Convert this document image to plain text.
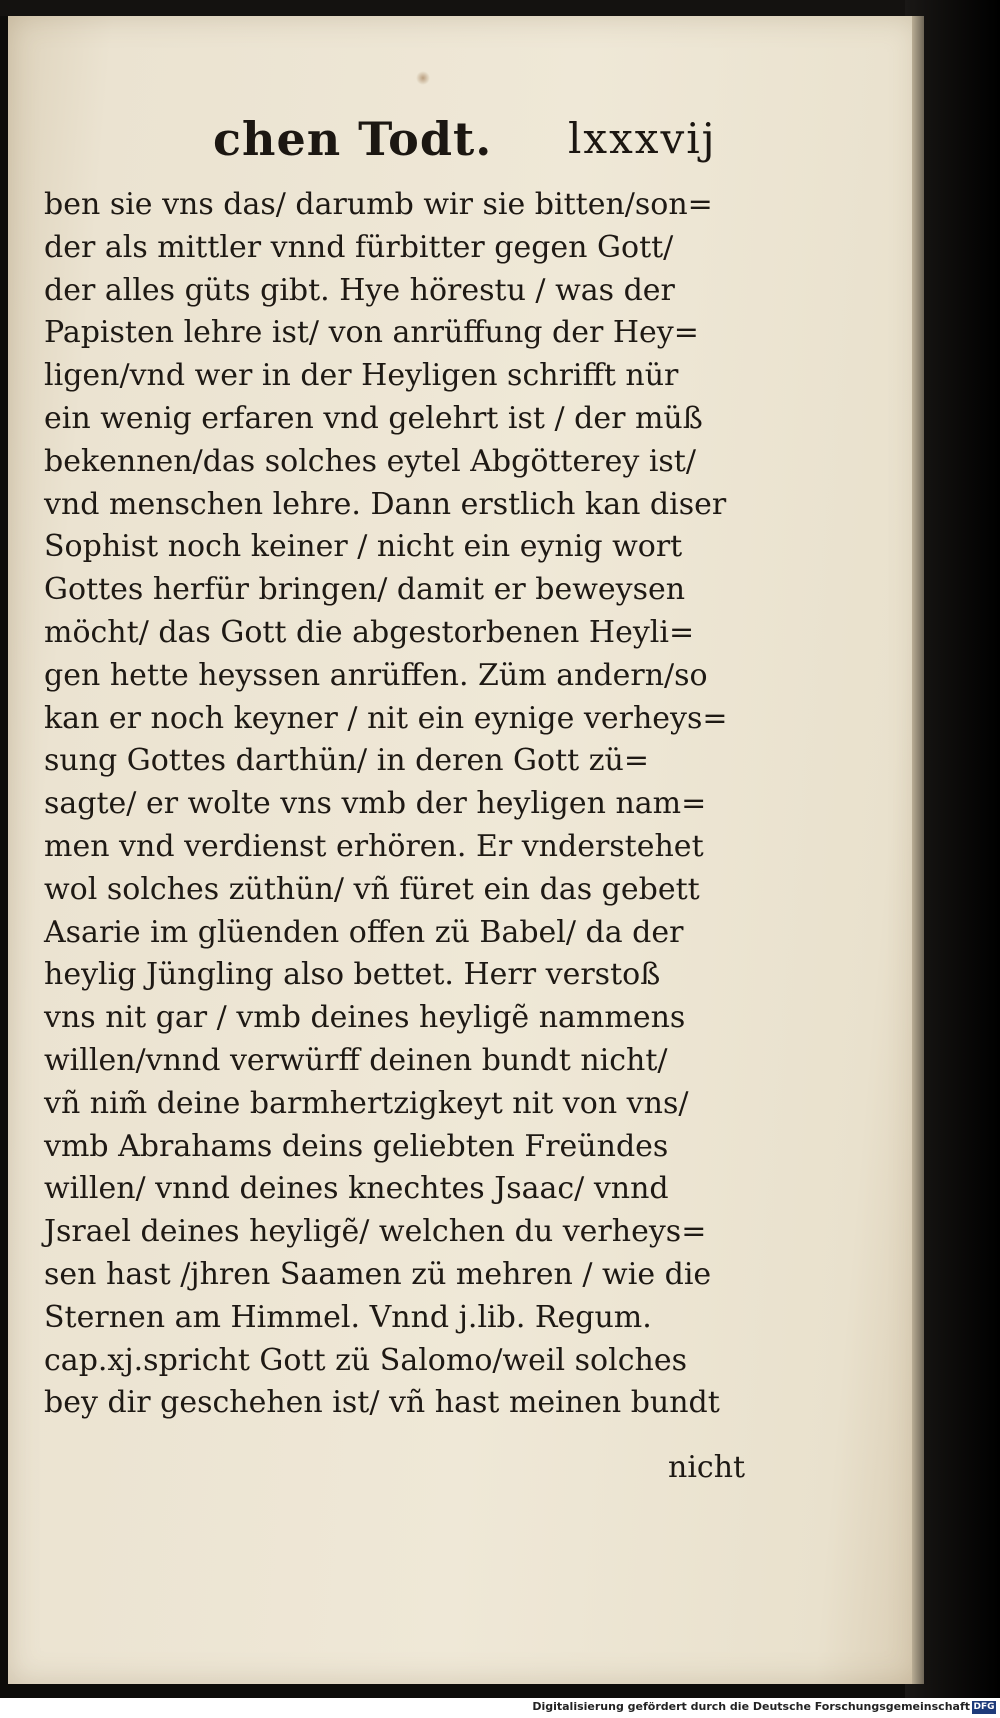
chen Todt. lxxxvij
ben sie vns das/ darumb wir sie bitten/son=
der als mittler vnnd fürbitter gegen Gott/
der alles güts gibt. Hye hörestu / was der
Papisten lehre ist/ von anrüffung der Hey=
ligen/vnd wer in der Heyligen schrifft nür
ein wenig erfaren vnd gelehrt ist / der müß
bekennen/das solches eytel Abgötterey ist/
vnd menschen lehre. Dann erstlich kan diser
Sophist noch keiner / nicht ein eynig wort
Gottes herfür bringen/ damit er beweysen
möcht/ das Gott die abgestorbenen Heyli=
gen hette heyssen anrüffen. Züm andern/so
kan er noch keyner / nit ein eynige verheys=
sung Gottes darthün/ in deren Gott zü=
sagte/ er wolte vns vmb der heyligen nam=
men vnd verdienst erhören. Er vnderstehet
wol solches züthün/ vñ füret ein das gebett
Asarie im glüenden offen zü Babel/ da der
heylig Jüngling also bettet. Herr verstoß
vns nit gar / vmb deines heyligẽ nammens
willen/vnnd verwürff deinen bundt nicht/
vñ nim̃ deine barmhertzigkeyt nit von vns/
vmb Abrahams deins geliebten Freündes
willen/ vnnd deines knechtes Jsaac/ vnnd
Jsrael deines heyligẽ/ welchen du verheys=
sen hast /jhren Saamen zü mehren / wie die
Sternen am Himmel. Vnnd j.lib. Regum.
cap.xj.spricht Gott zü Salomo/weil solches
bey dir geschehen ist/ vñ hast meinen bundt
nicht
Digitalisierung gefördert durch die Deutsche Forschungsgemeinschaft DFG
